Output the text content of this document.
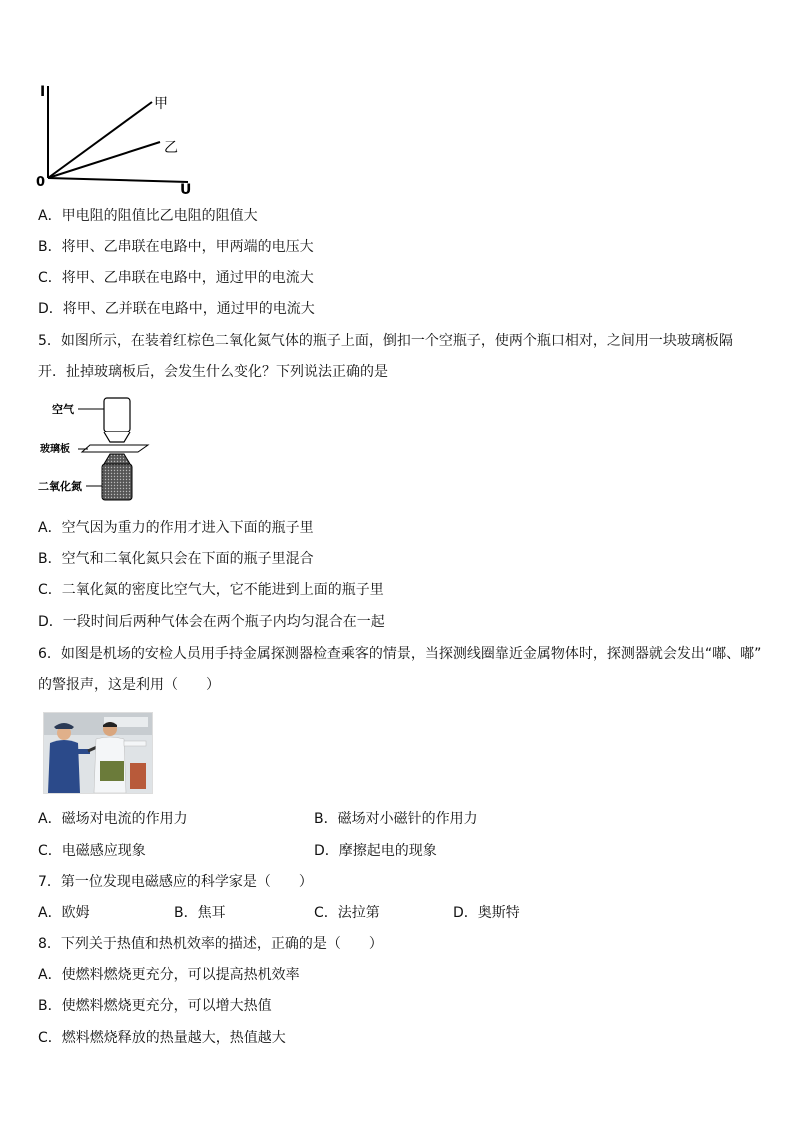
I
U
0
甲
乙
A．甲电阻的阻值比乙电阻的阻值大
B．将甲、乙串联在电路中，甲两端的电压大
C．将甲、乙串联在电路中，通过甲的电流大
D．将甲、乙并联在电路中，通过甲的电流大
5．如图所示，在装着红棕色二氧化氮气体的瓶子上面，倒扣一个空瓶子，使两个瓶口相对，之间用一块玻璃板隔
开．扯掉玻璃板后，会发生什么变化？下列说法正确的是
空气
玻璃板
二氧化氮
A．空气因为重力的作用才进入下面的瓶子里
B．空气和二氧化氮只会在下面的瓶子里混合
C．二氧化氮的密度比空气大，它不能进到上面的瓶子里
D．一段时间后两种气体会在两个瓶子内均匀混合在一起
6．如图是机场的安检人员用手持金属探测器检查乘客的情景，当探测线圈靠近金属物体时，探测器就会发出“嘟、嘟”
的警报声，这是利用（　　）
A．磁场对电流的作用力	B．磁场对小磁针的作用力
C．电磁感应现象	D．摩擦起电的现象
7．第一位发现电磁感应的科学家是（　　）
A．欧姆	B．焦耳	C．法拉第	D．奥斯特
8．下列关于热值和热机效率的描述，正确的是（　　）
A．使燃料燃烧更充分，可以提高热机效率
B．使燃料燃烧更充分，可以增大热值
C．燃料燃烧释放的热量越大，热值越大
